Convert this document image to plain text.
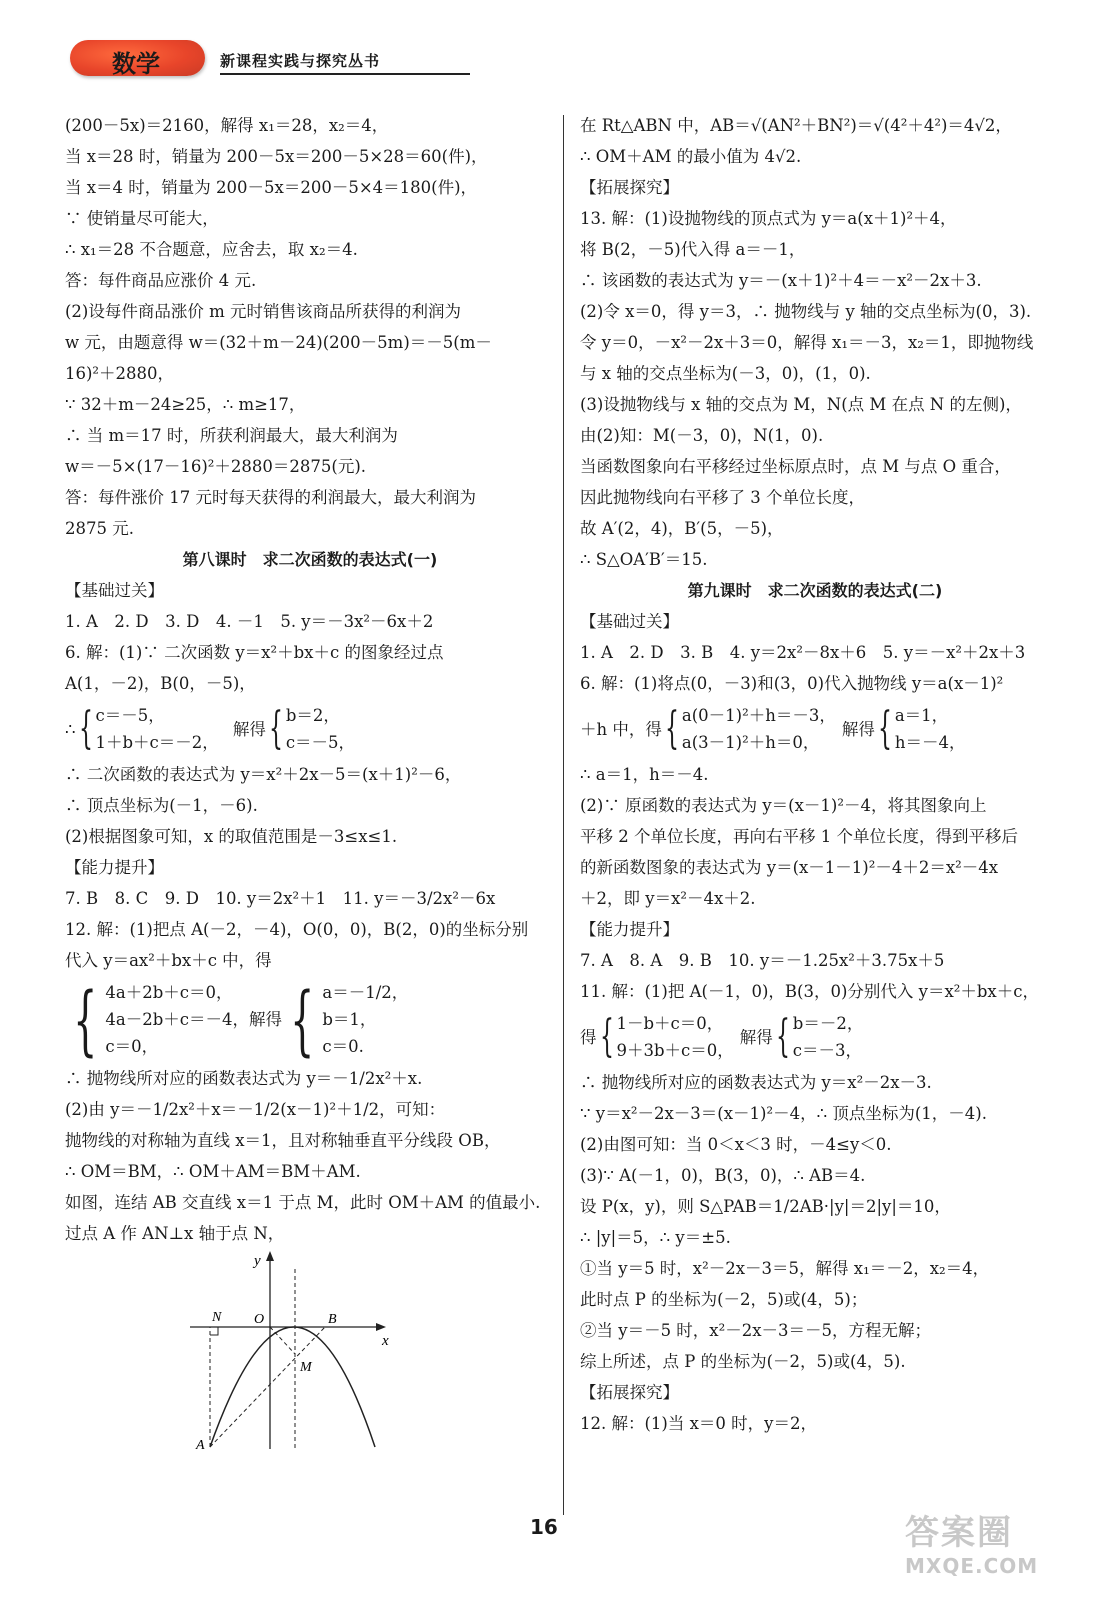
数学	新课程实践与探究丛书
(200－5x)＝2160，解得 x₁＝28，x₂＝4，
当 x＝28 时，销量为 200－5x＝200－5×28＝60(件)，
当 x＝4 时，销量为 200－5x＝200－5×4＝180(件)，
∵ 使销量尽可能大，
∴ x₁＝28 不合题意，应舍去，取 x₂＝4.
答：每件商品应涨价 4 元.
(2)设每件商品涨价 m 元时销售该商品所获得的利润为
w 元，由题意得 w＝(32＋m－24)(200－5m)＝－5(m－
16)²＋2880，
∵ 32＋m－24≥25，∴ m≥17，
∴ 当 m＝17 时，所获利润最大，最大利润为
w＝－5×(17－16)²＋2880＝2875(元).
答：每件涨价 17 元时每天获得的利润最大，最大利润为
2875 元.
第八课时　求二次函数的表达式(一)
【基础过关】
1. A　2. D　3. D　4. －1　5. y＝－3x²－6x＋2
6. 解：(1)∵ 二次函数 y＝x²＋bx＋c 的图象经过点
A(1，－2)，B(0，－5)，
∴ { c＝－5，
1＋b＋c＝－2，
解得 { b＝2，
c＝－5，
∴ 二次函数的表达式为 y＝x²＋2x－5＝(x＋1)²－6，
∴ 顶点坐标为(－1，－6).
(2)根据图象可知，x 的取值范围是－3≤x≤1.
【能力提升】
7. B　8. C　9. D　10. y＝2x²＋1　11. y＝－3/2x²－6x
12. 解：(1)把点 A(－2，－4)，O(0，0)，B(2，0)的坐标分别
代入 y＝ax²＋bx＋c 中，得
{ 4a＋2b＋c＝0，
4a－2b＋c＝－4，
c＝0，
解得 { a＝－1/2，
b＝1，
c＝0.
∴ 抛物线所对应的函数表达式为 y＝－1/2x²＋x.
(2)由 y＝－1/2x²＋x＝－1/2(x－1)²＋1/2，可知：
抛物线的对称轴为直线 x＝1，且对称轴垂直平分线段 OB，
∴ OM＝BM，∴ OM＋AM＝BM＋AM.
如图，连结 AB 交直线 x＝1 于点 M，此时 OM＋AM 的值最小.
过点 A 作 AN⊥x 轴于点 N，
y
x
N O	B
M
A
在 Rt△ABN 中，AB＝√(AN²＋BN²)＝√(4²＋4²)＝4√2，
∴ OM＋AM 的最小值为 4√2.
【拓展探究】
13. 解：(1)设抛物线的顶点式为 y＝a(x＋1)²＋4，
将 B(2，－5)代入得 a＝－1，
∴ 该函数的表达式为 y＝－(x＋1)²＋4＝－x²－2x＋3.
(2)令 x＝0，得 y＝3，∴ 抛物线与 y 轴的交点坐标为(0，3).
令 y＝0，－x²－2x＋3＝0，解得 x₁＝－3，x₂＝1，即抛物线
与 x 轴的交点坐标为(－3，0)，(1，0).
(3)设抛物线与 x 轴的交点为 M，N(点 M 在点 N 的左侧)，
由(2)知：M(－3，0)，N(1，0).
当函数图象向右平移经过坐标原点时，点 M 与点 O 重合，
因此抛物线向右平移了 3 个单位长度，
故 A′(2，4)，B′(5，－5)，
∴ S△OA′B′＝15.
第九课时　求二次函数的表达式(二)
【基础过关】
1. A　2. D　3. B　4. y＝2x²－8x＋6　5. y＝－x²＋2x＋3
6. 解：(1)将点(0，－3)和(3，0)代入抛物线 y＝a(x－1)²
＋h 中，得 { a(0－1)²＋h＝－3，
a(3－1)²＋h＝0，
解得 { a＝1，
h＝－4，
∴ a＝1，h＝－4.
(2)∵ 原函数的表达式为 y＝(x－1)²－4，将其图象向上
平移 2 个单位长度，再向右平移 1 个单位长度，得到平移后
的新函数图象的表达式为 y＝(x－1－1)²－4＋2＝x²－4x
＋2，即 y＝x²－4x＋2.
【能力提升】
7. A　8. A　9. B　10. y＝－1.25x²＋3.75x＋5
11. 解：(1)把 A(－1，0)，B(3，0)分别代入 y＝x²＋bx＋c，
得 { 1－b＋c＝0，
9＋3b＋c＝0，
解得 { b＝－2，
c＝－3，
∴ 抛物线所对应的函数表达式为 y＝x²－2x－3.
∵ y＝x²－2x－3＝(x－1)²－4，∴ 顶点坐标为(1，－4).
(2)由图可知：当 0＜x＜3 时，－4≤y＜0.
(3)∵ A(－1，0)，B(3，0)，∴ AB＝4.
设 P(x，y)，则 S△PAB＝1/2AB·|y|＝2|y|＝10，
∴ |y|＝5，∴ y＝±5.
①当 y＝5 时，x²－2x－3＝5，解得 x₁＝－2，x₂＝4，
此时点 P 的坐标为(－2，5)或(4，5)；
②当 y＝－5 时，x²－2x－3＝－5，方程无解；
综上所述，点 P 的坐标为(－2，5)或(4，5).
【拓展探究】
12. 解：(1)当 x＝0 时，y＝2，
16	答案圈
MXQE.COM
